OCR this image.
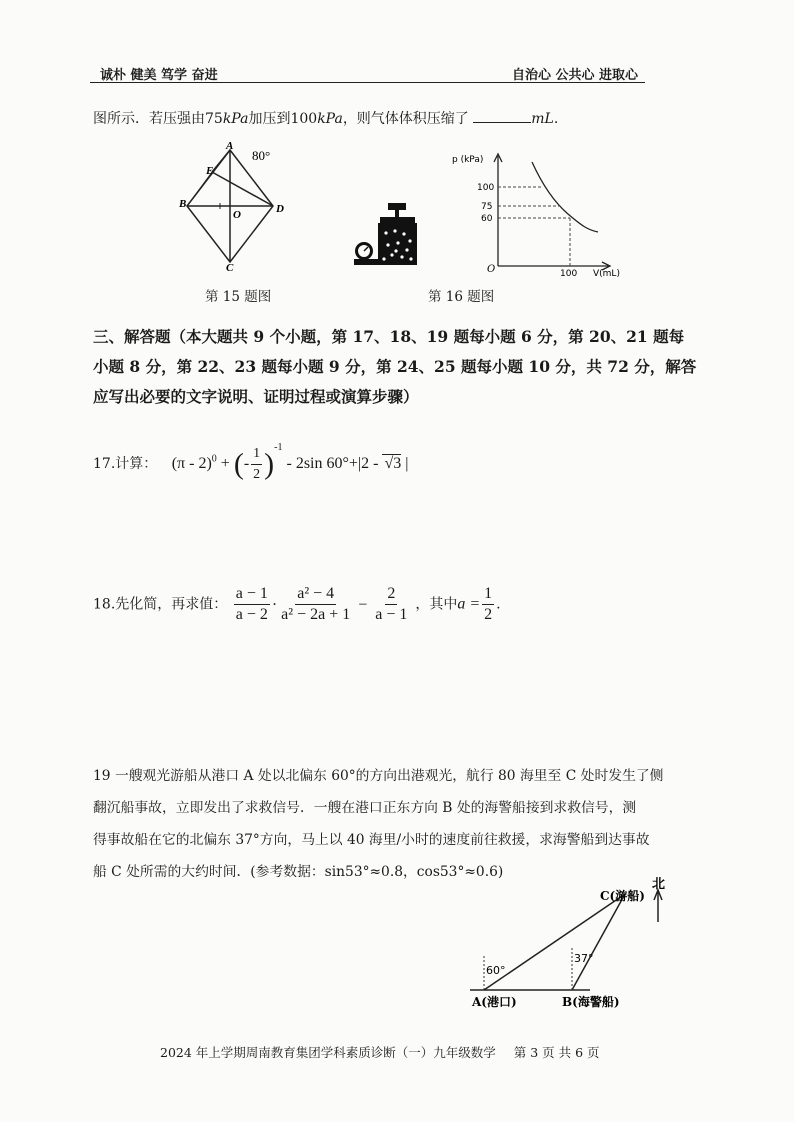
诚朴 健美 笃学 奋进	自治心 公共心 进取心
图所示．若压强由75kPa加压到100kPa，则气体体积压缩了	mL.
A
80°
E
B
O	D
C
第 15 题图
p (kPa)
100
75
60
O	100 V(mL)
第 16 题图
三、解答题（本大题共 9 个小题，第 17、18、19 题每小题 6 分，第 20、21 题每
小题 8 分，第 22、23 题每小题 9 分，第 24、25 题每小题 10 分，共 72 分，解答
应写出必要的文字说明、证明过程或演算步骤）
17.计算： (π - 2)$^0$ + (- $\frac{1}{2} )^{-1} - 2\sin$ 60°+|2 - √3 |
18.先化简，再求值： $\frac{a - 1}{a - 2} \cdot \frac{\text{a² − 4}}{\text{a² − 2a + 1}} - \frac{2}{a - 1}$ ，其中$a = \frac{1}{2}$ .
19 一艘观光游船从港口 A 处以北偏东 60°的方向出港观光，航行 80 海里至 C 处时发生了侧
翻沉船事故，立即发出了求救信号．一艘在港口正东方向 B 处的海警船接到求救信号，测
得事故船在它的北偏东 37°方向，马上以 40 海里/小时的速度前往救援，求海警船到达事故
船 C 处所需的大约时间．(参考数据：sin53°≈0.8，cos53°≈0.6)
C(游船)
北
60°
37°
A(港口)	B(海警船)
2024 年上学期周南教育集团学科素质诊断（一）九年级数学 第 3 页 共 6 页
